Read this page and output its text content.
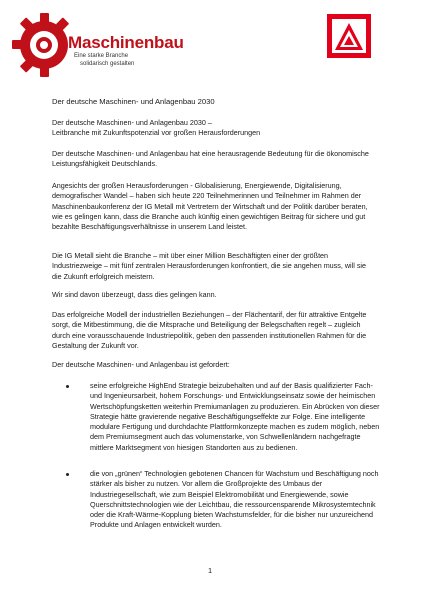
Maschinenbau
Eine starke Branche
solidarisch gestalten
Der deutsche Maschinen- und Anlagenbau 2030

Der deutsche Maschinen- und Anlagenbau 2030 –

Leitbranche mit Zukunftspotenzial vor großen Herausforderungen

Der deutsche Maschinen- und Anlagenbau hat eine herausragende Bedeutung für die ökonomische Leistungsfähigkeit Deutschlands.
Angesichts der großen Herausforderungen - Globalisierung, Energiewende, Digitalisierung, demografischer Wandel – haben sich heute 220 Teilnehmerinnen und Teilnehmer im Rahmen der Maschinenbaukonferenz der IG Metall mit Vertretern der Wirtschaft und der Politik darüber beraten, wie es gelingen kann, dass die Branche auch künftig einen gewichtigen Beitrag für sichere und gut bezahlte Beschäftigungsverhältnisse in unserem Land leistet.
Die IG Metall sieht die Branche – mit über einer Million Beschäftigten einer der größten Industriezweige – mit fünf zentralen Herausforderungen konfrontiert, die sie angehen muss, will sie die Zukunft erfolgreich meistern.
Wir sind davon überzeugt, dass dies gelingen kann.
Das erfolgreiche Modell der industriellen Beziehungen – der Flächentarif, der für attraktive Entgelte sorgt, die Mitbestimmung, die die Mitsprache und Beteiligung der Belegschaften regelt – zugleich durch eine vorausschauende Industriepolitik, geben den passenden institutionellen Rahmen für die Gestaltung der Zukunft vor.
Der deutsche Maschinen- und Anlagenbau ist gefordert:
seine erfolgreiche HighEnd Strategie beizubehalten und auf der Basis qualifizierter Fach- und Ingenieursarbeit, hohem Forschungs- und Entwicklungseinsatz sowie der heimischen Wertschöpfungsketten weiterhin Premiumanlagen zu produzieren. Ein Abrücken von dieser Strategie hätte gravierende negative Beschäftigungseffekte zur Folge. Eine intelligente modulare Fertigung und durchdachte Plattformkonzepte machen es zudem möglich, neben dem Premiumsegment auch das volumenstarke, von Schwellenländern nachgefragte mittlere Marktsegment von hiesigen Standorten aus zu bedienen.
die von „grünen“ Technologien gebotenen Chancen für Wachstum und Beschäftigung noch stärker als bisher zu nutzen. Vor allem die Großprojekte des Umbaus der Industriegesellschaft, wie zum Beispiel Elektromobilität und Energiewende, sowie Querschnittstechnologien wie der Leichtbau, die ressourcensparende Mikrosystemtechnik oder die Kraft-Wärme-Kopplung bieten Wachstumsfelder, für die bisher nur unzureichend Produkte und Anlagen entwickelt wurden.
1
